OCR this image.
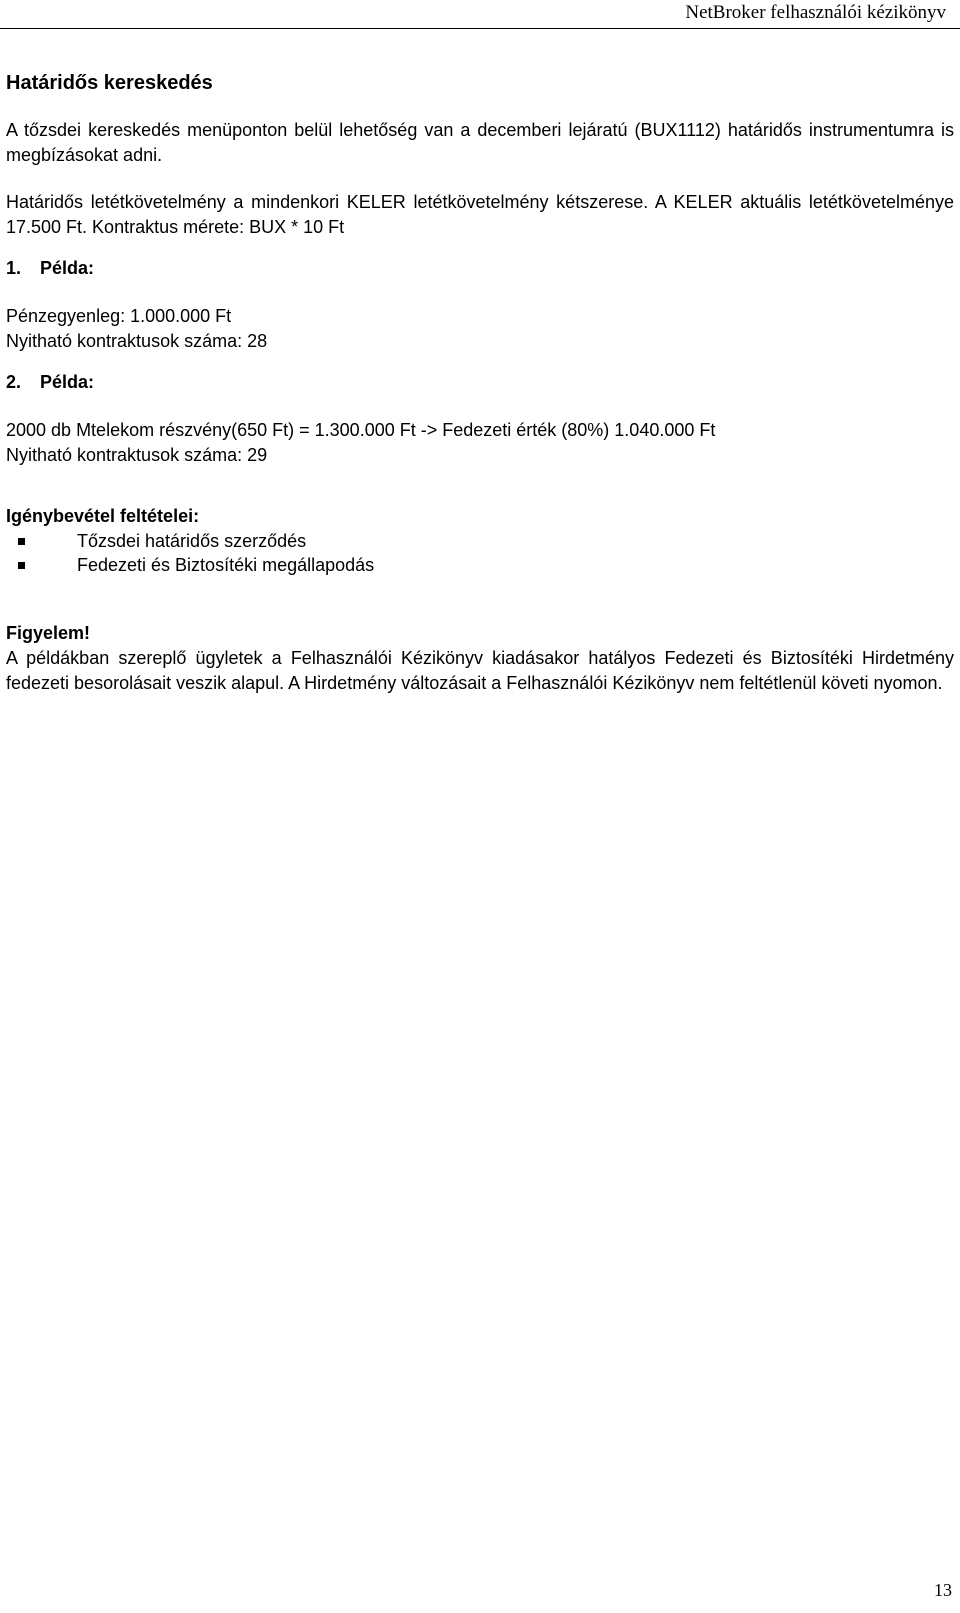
NetBroker felhasználói kézikönyv

Határidős kereskedés

A tőzsdei kereskedés menüponton belül lehetőség van a decemberi lejáratú (BUX1112) határidős instrumentumra is megbízásokat adni.

Határidős letétkövetelmény a mindenkori KELER letétkövetelmény kétszerese. A KELER aktuális letétkövetelménye 17.500 Ft. Kontraktus mérete: BUX * 10 Ft

1.	Példa:

Pénzegyenleg: 1.000.000 Ft

Nyitható kontraktusok száma: 28

2.	Példa:

2000 db Mtelekom részvény(650 Ft) = 1.300.000 Ft -> Fedezeti érték (80%) 1.040.000 Ft

Nyitható kontraktusok száma: 29

Igénybevétel feltételei:

Tőzsdei határidős szerződés
Fedezeti és Biztosítéki megállapodás

Figyelem!

A példákban szereplő ügyletek a Felhasználói Kézikönyv kiadásakor hatályos Fedezeti és Biztosítéki Hirdetmény fedezeti besorolásait veszik alapul. A Hirdetmény változásait a Felhasználói Kézikönyv nem feltétlenül követi nyomon.

13
